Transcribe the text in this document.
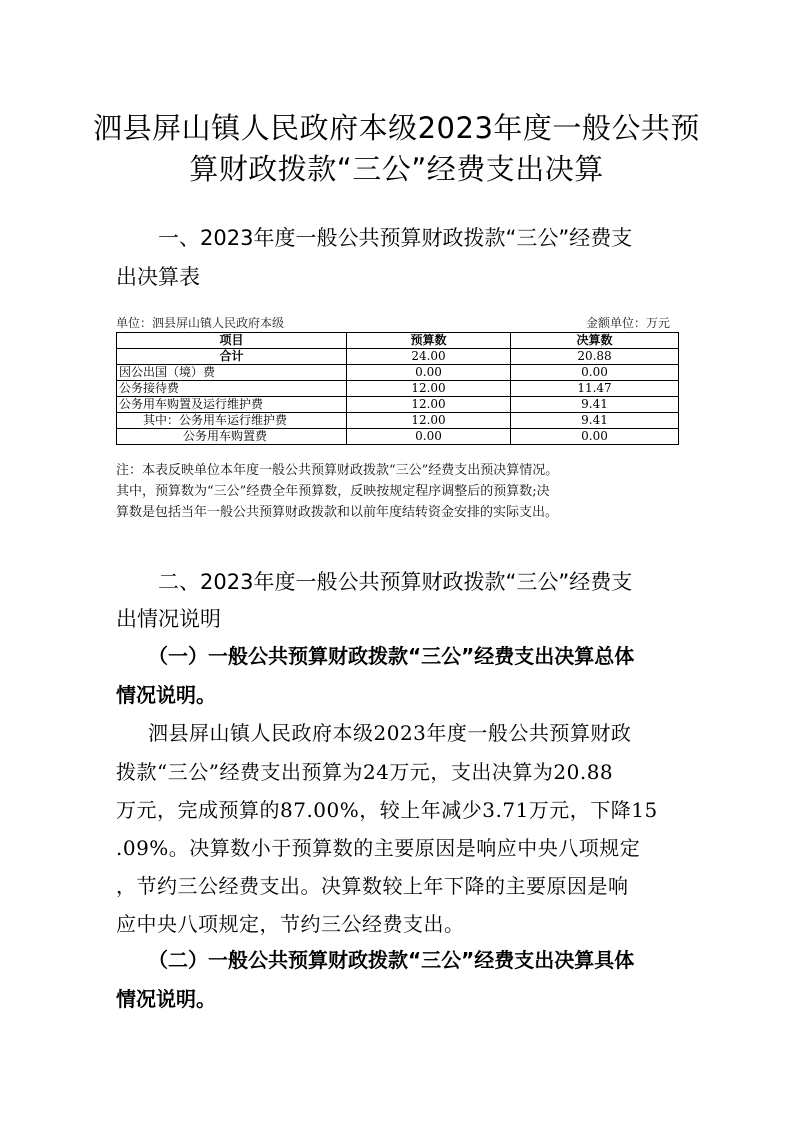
泗县屏山镇人民政府本级2023年度一般公共预
算财政拨款“三公”经费支出决算
一、2023年度一般公共预算财政拨款“三公”经费支
出决算表
单位：泗县屏山镇人民政府本级	金额单位：万元
项目	预算数	决算数
合计	24.00	20.88
因公出国（境）费	0.00	0.00
公务接待费	12.00	11.47
公务用车购置及运行维护费	12.00	9.41
其中：公务用车运行维护费	12.00	9.41
公务用车购置费	0.00	0.00
注：本表反映单位本年度一般公共预算财政拨款“三公”经费支出预决算情况。
其中，预算数为“三公”经费全年预算数，反映按规定程序调整后的预算数;决
算数是包括当年一般公共预算财政拨款和以前年度结转资金安排的实际支出。
二、2023年度一般公共预算财政拨款“三公”经费支
出情况说明
（一）一般公共预算财政拨款“三公”经费支出决算总体
情况说明。
泗县屏山镇人民政府本级2023年度一般公共预算财政
拨款“三公”经费支出预算为24万元，支出决算为20.88
万元，完成预算的87.00%，较上年减少3.71万元，下降15
.09%。决算数小于预算数的主要原因是响应中央八项规定
，节约三公经费支出。决算数较上年下降的主要原因是响
应中央八项规定，节约三公经费支出。
（二）一般公共预算财政拨款“三公”经费支出决算具体
情况说明。
